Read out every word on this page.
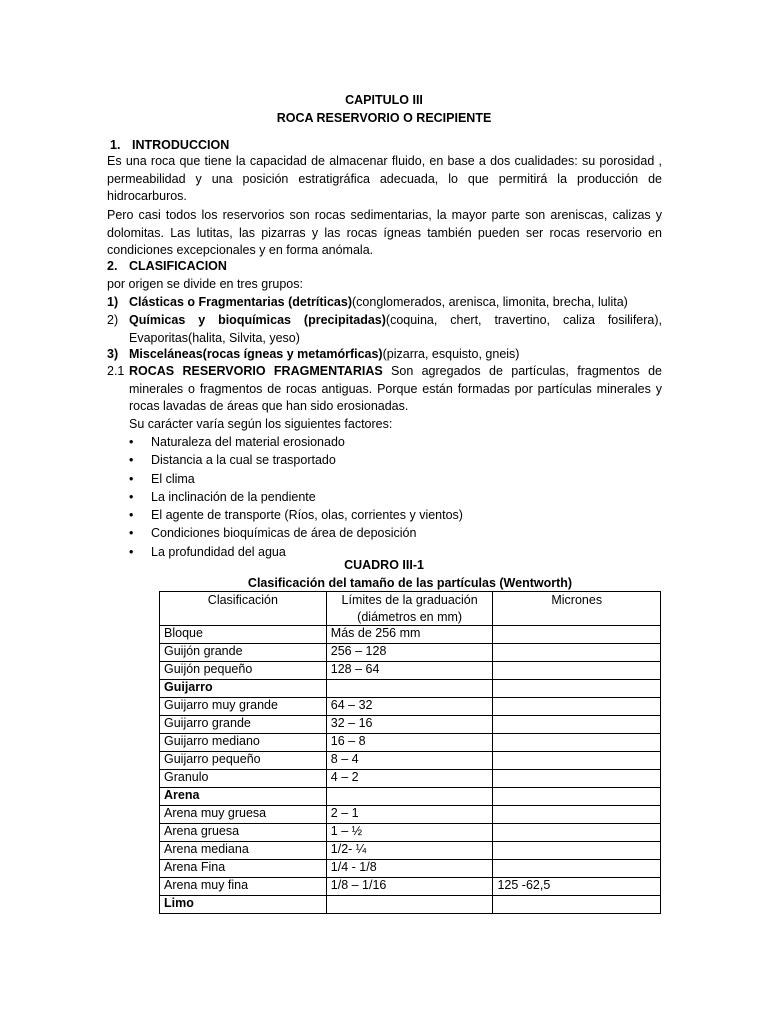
CAPITULO III
ROCA RESERVORIO O RECIPIENTE
1. INTRODUCCION
Es una roca que tiene la capacidad de almacenar fluido, en base a dos cualidades: su porosidad , permeabilidad y una posición estratigráfica adecuada, lo que permitirá la producción de hidrocarburos.
Pero casi todos los reservorios son rocas sedimentarias, la mayor parte son areniscas, calizas y dolomitas. Las lutitas, las pizarras y las rocas ígneas también pueden ser rocas reservorio en condiciones excepcionales y en forma anómala.
2. CLASIFICACION
por origen se divide en tres grupos:
1) Clásticas o Fragmentarias (detríticas)(conglomerados, arenisca, limonita, brecha, lulita)
2) Químicas y bioquímicas (precipitadas)(coquina, chert, travertino, caliza fosilifera), Evaporitas(halita, Silvita, yeso)
3) Misceláneas(rocas ígneas y metamórficas)(pizarra, esquisto, gneis)
2.1 ROCAS RESERVORIO FRAGMENTARIAS Son agregados de partículas, fragmentos de minerales o fragmentos de rocas antiguas. Porque están formadas por partículas minerales y rocas lavadas de áreas que han sido erosionadas.
Su carácter varía según los siguientes factores:
• Naturaleza del material erosionado
• Distancia a la cual se trasportado
• El clima
• La inclinación de la pendiente
• El agente de transporte (Ríos, olas, corrientes y vientos)
• Condiciones bioquímicas de área de deposición
• La profundidad del agua
CUADRO III-1
Clasificación del tamaño de las partículas (Wentworth)
Clasificación	Límites de la graduación (diámetros en mm)	Micrones
Bloque	Más de 256 mm	
Guijón grande	256 – 128	
Guijón pequeño	128 – 64	
Guijarro		
Guijarro muy grande	64 – 32	
Guijarro grande	32 – 16	
Guijarro mediano	16 – 8	
Guijarro pequeño	8 – 4	
Granulo	4 – 2	
Arena		
Arena muy gruesa	2 – 1	
Arena gruesa	1 – ½	
Arena mediana	1/2- ¼	
Arena Fina	1/4 - 1/8	
Arena muy fina	1/8 – 1/16	125 -62,5
Limo		
